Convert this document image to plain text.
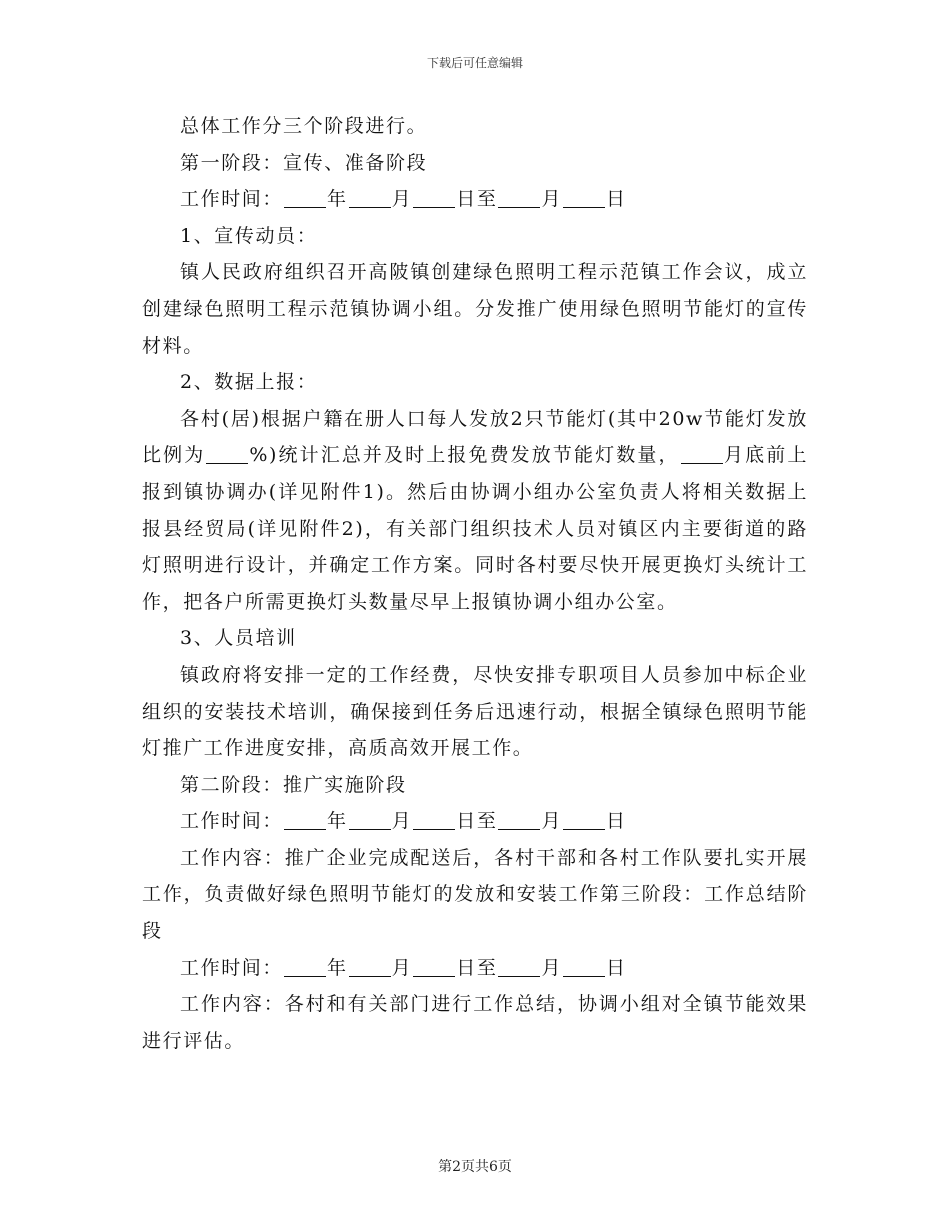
下载后可任意编辑

总体工作分三个阶段进行。

第一阶段：宣传、准备阶段

工作时间： 年 月 日至 月 日

1、宣传动员：

镇人民政府组织召开高陂镇创建绿色照明工程示范镇工作会议，成立创建绿色照明工程示范镇协调小组。分发推广使用绿色照明节能灯的宣传材料。

2、数据上报：

各村(居)根据户籍在册人口每人发放2只节能灯(其中20w节能灯发放比例为 %)统计汇总并及时上报免费发放节能灯数量， 月底前上报到镇协调办(详见附件1)。然后由协调小组办公室负责人将相关数据上报县经贸局(详见附件2)，有关部门组织技术人员对镇区内主要街道的路灯照明进行设计，并确定工作方案。同时各村要尽快开展更换灯头统计工作，把各户所需更换灯头数量尽早上报镇协调小组办公室。

3、人员培训

镇政府将安排一定的工作经费，尽快安排专职项目人员参加中标企业组织的安装技术培训，确保接到任务后迅速行动，根据全镇绿色照明节能灯推广工作进度安排，高质高效开展工作。

第二阶段：推广实施阶段

工作时间： 年 月 日至 月 日

工作内容：推广企业完成配送后，各村干部和各村工作队要扎实开展工作，负责做好绿色照明节能灯的发放和安装工作第三阶段：工作总结阶段

工作时间： 年 月 日至 月 日

工作内容：各村和有关部门进行工作总结，协调小组对全镇节能效果进行评估。

第2页共6页
